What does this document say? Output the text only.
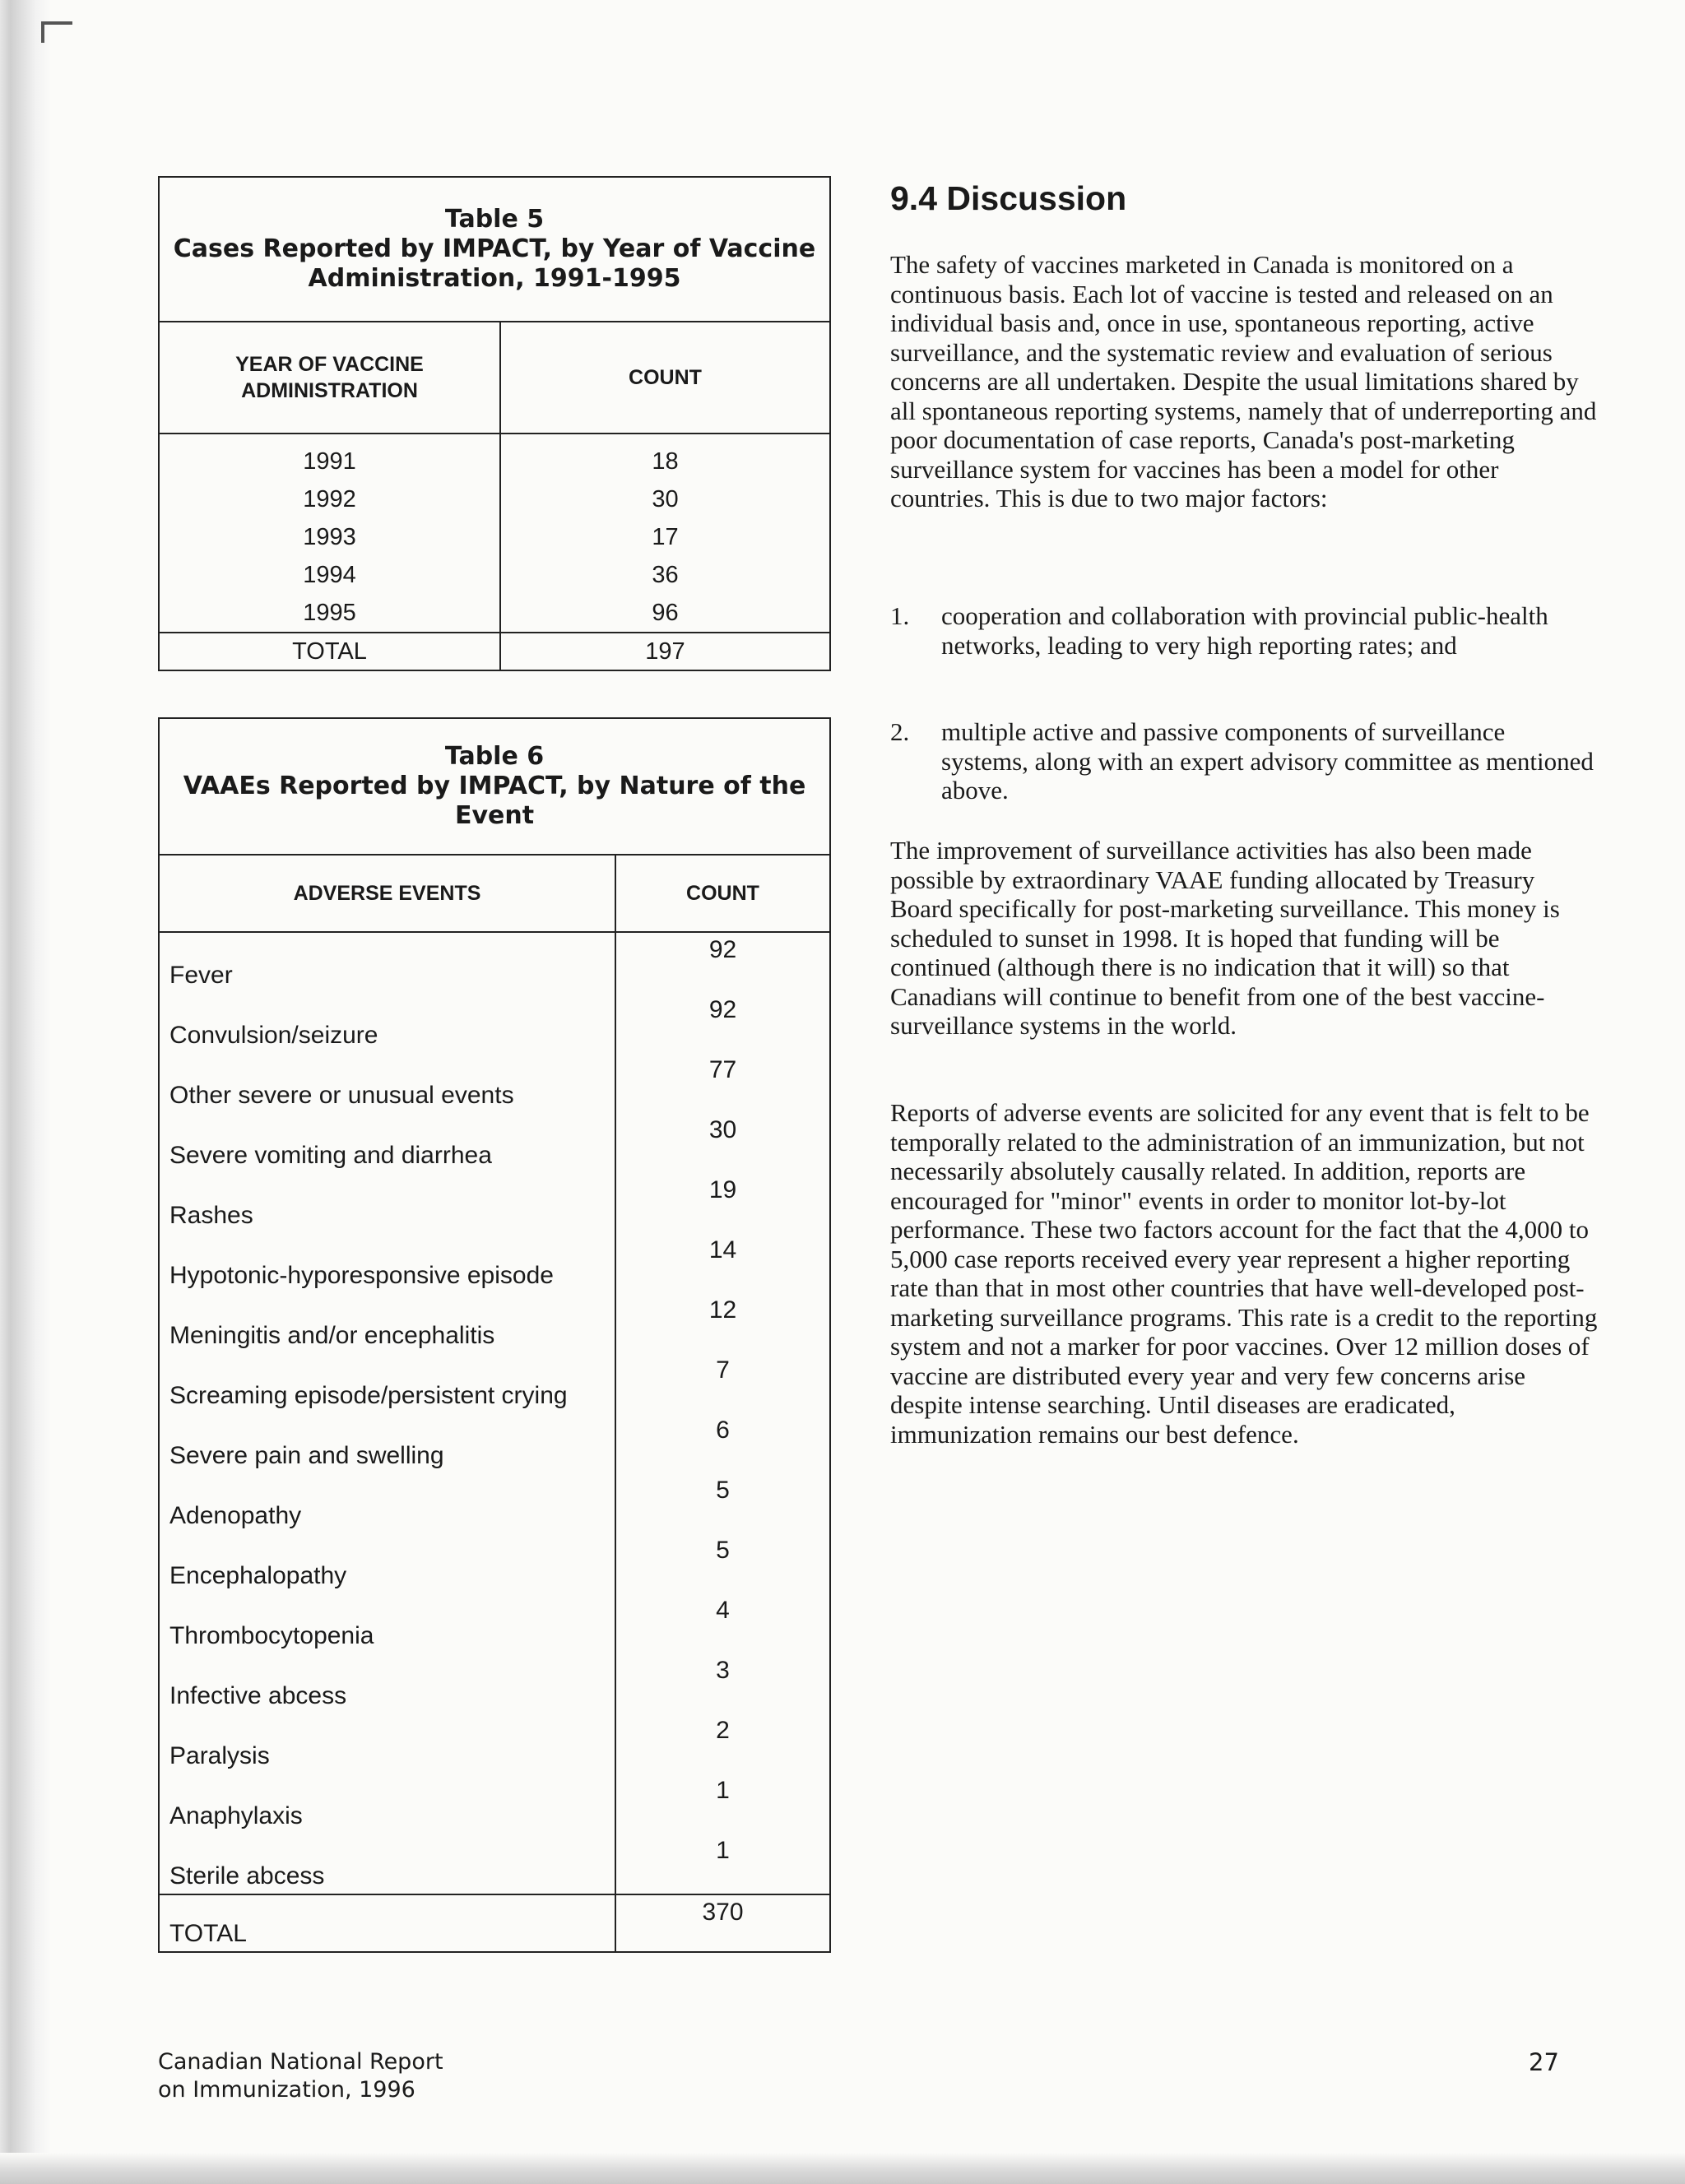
Table 5
Cases Reported by IMPACT, by Year of Vaccine
Administration, 1991-1995	

YEAR OF VACCINE
ADMINISTRATION	COUNT
1991	18
1992	30
1993	17
1994	36
1995	96
TOTAL	197
Table 6
VAAEs Reported by IMPACT, by Nature of the
Event	

ADVERSE EVENTS	COUNT
Fever	92
Convulsion/seizure	92
Other severe or unusual events	77
Severe vomiting and diarrhea	30
Rashes	19
Hypotonic-hyporesponsive episode	14
Meningitis and/or encephalitis	12
Screaming episode/persistent crying	7
Severe pain and swelling	6
Adenopathy	5
Encephalopathy	5
Thrombocytopenia	4
Infective abcess	3
Paralysis	2
Anaphylaxis	1
Sterile abcess	1
TOTAL	370
9.4 Discussion

The safety of vaccines marketed in Canada is monitored on a continuous basis. Each lot of vaccine is tested and released on an individual basis and, once in use, spontaneous reporting, active surveillance, and the systematic review and evaluation of serious concerns are all undertaken. Despite the usual limitations shared by all spontaneous reporting systems, namely that of underreporting and poor documentation of case reports, Canada's post-marketing surveillance system for vaccines has been a model for other countries. This is due to two major factors:

1.	cooperation and collaboration with provincial public-health networks, leading to very high reporting rates; and
2.	multiple active and passive components of surveillance systems, along with an expert advisory committee as mentioned above.

The improvement of surveillance activities has also been made possible by extraordinary VAAE funding allocated by Treasury Board specifically for post-marketing surveillance. This money is scheduled to sunset in 1998. It is hoped that funding will be continued (although there is no indication that it will) so that Canadians will continue to benefit from one of the best vaccine-surveillance systems in the world.

Reports of adverse events are solicited for any event that is felt to be temporally related to the administration of an immunization, but not necessarily absolutely causally related. In addition, reports are encouraged for "minor" events in order to monitor lot-by-lot performance. These two factors account for the fact that the 4,000 to 5,000 case reports received every year represent a higher reporting rate than that in most other countries that have well-developed post-marketing surveillance programs. This rate is a credit to the reporting system and not a marker for poor vaccines. Over 12 million doses of vaccine are distributed every year and very few concerns arise despite intense searching. Until diseases are eradicated, immunization remains our best defence.

Canadian National Report
on Immunization, 1996
27
